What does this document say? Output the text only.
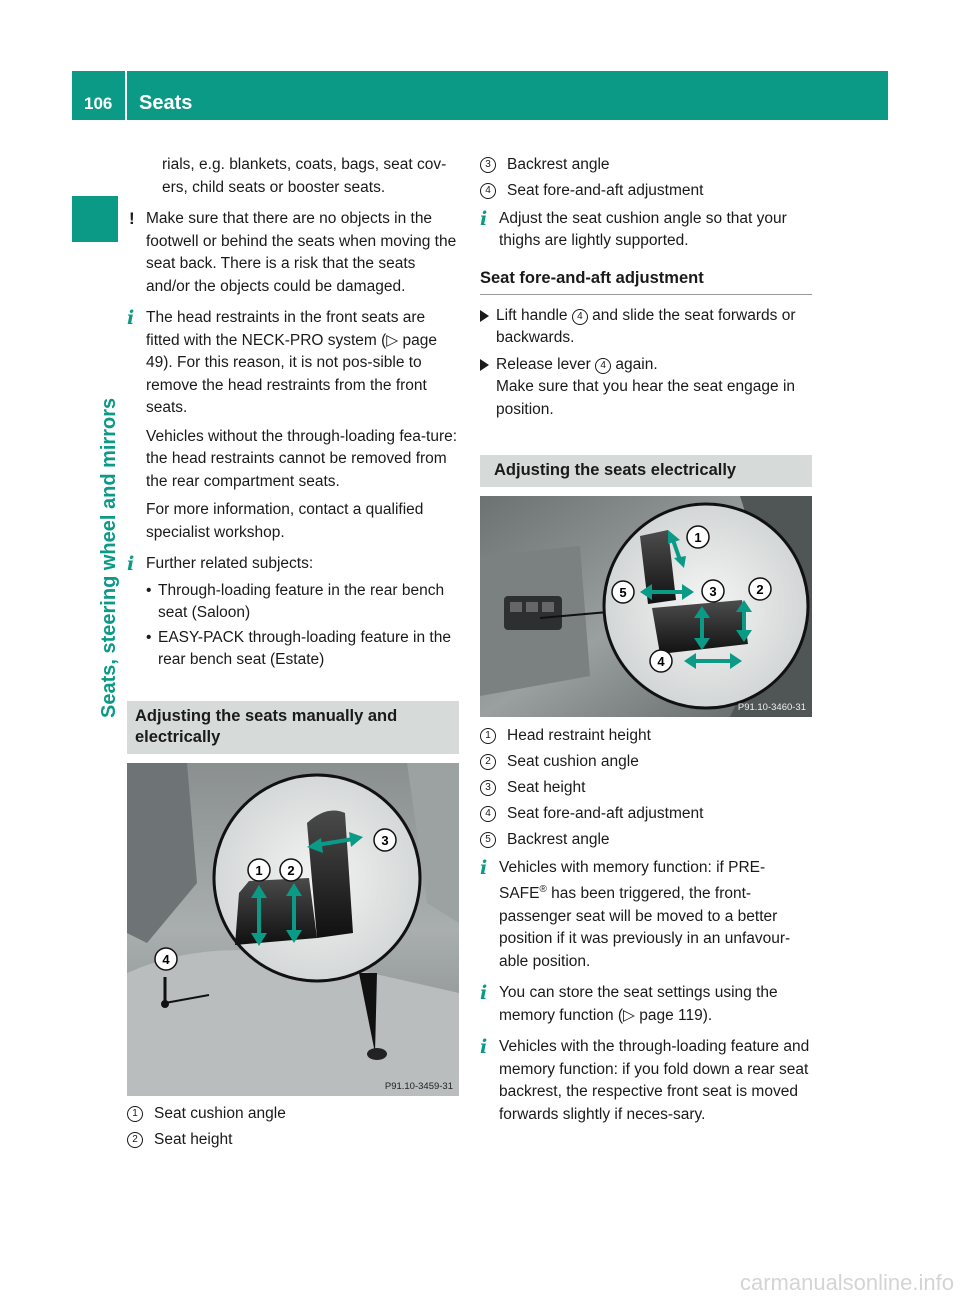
106 Seats
Seats, steering wheel and mirrors

rials, e.g. blankets, coats, bags, seat cov-ers, child seats or booster seats.

! Make sure that there are no objects in the footwell or behind the seats when moving the seat back. There is a risk that the seats and/or the objects could be damaged.
i The head restraints in the front seats are fitted with the NECK-PRO system (▷ page 49). For this reason, it is not pos-sible to remove the head restraints from the front seats.

Vehicles without the through-loading fea-ture: the head restraints cannot be removed from the rear compartment seats.

For more information, contact a qualified specialist workshop.

i Further related subjects:
• Through-loading feature in the rear bench seat (Saloon)
• EASY-PACK through-loading feature in the rear bench seat (Estate)
Adjusting the seats manually and electrically
1 2
3
4
P91.10-3459-31
1	Seat cushion angle
2	Seat height
3	Backrest angle
4	Seat fore-and-aft adjustment
i Adjust the seat cushion angle so that your thighs are lightly supported.
Seat fore-and-aft adjustment
Lift handle 4 and slide the seat forwards or backwards.
Release lever 4 again.

Make sure that you hear the seat engage in position.

Adjusting the seats electrically
1
2
3
4
5
P91.10-3460-31
1	Head restraint height
2	Seat cushion angle
3	Seat height
4	Seat fore-and-aft adjustment
5	Backrest angle
i Vehicles with memory function: if PRE-SAFE® has been triggered, the front-passenger seat will be moved to a better position if it was previously in an unfavour-able position.
i You can store the seat settings using the memory function (▷ page 119).
i Vehicles with the through-loading feature and memory function: if you fold down a rear seat backrest, the respective front seat is moved forwards slightly if neces-sary.
carmanualsonline.info
